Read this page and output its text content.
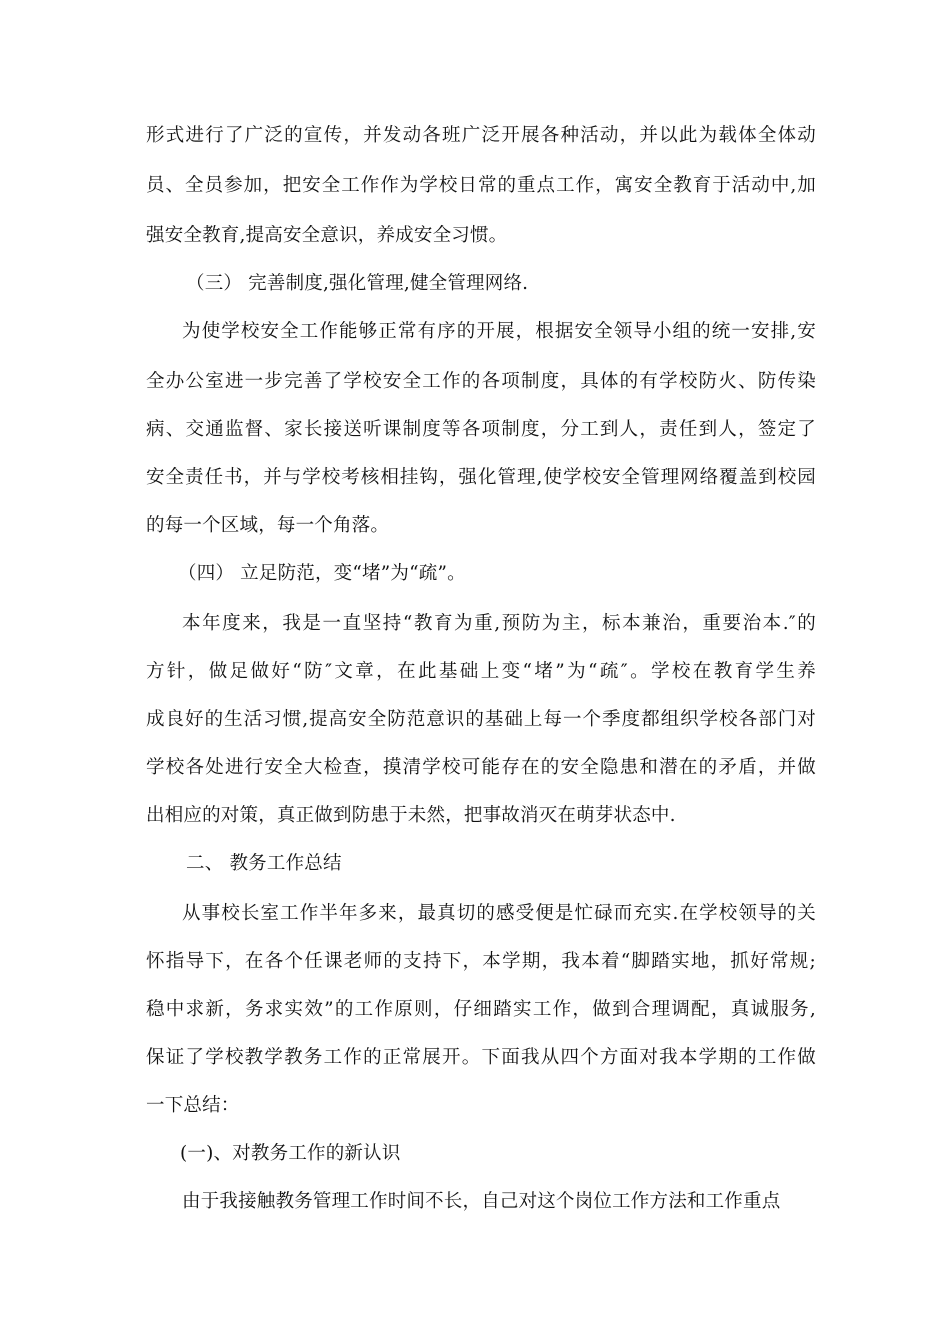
形式进行了广泛的宣传，并发动各班广泛开展各种活动，并以此为载体全体动
员、全员参加，把安全工作作为学校日常的重点工作，寓安全教育于活动中,加
强安全教育,提高安全意识，养成安全习惯。
（三） 完善制度,强化管理,健全管理网络.
为使学校安全工作能够正常有序的开展，根据安全领导小组的统一安排,安
全办公室进一步完善了学校安全工作的各项制度，具体的有学校防火、防传染
病、交通监督、家长接送听课制度等各项制度，分工到人，责任到人，签定了
安全责任书，并与学校考核相挂钩，强化管理,使学校安全管理网络覆盖到校园
的每一个区域，每一个角落。
（四） 立足防范，变“堵”为“疏”。
本年度来，我是一直坚持“教育为重,预防为主，标本兼治，重要治本.″的
方针，做足做好“防″文章，在此基础上变“堵”为“疏″。学校在教育学生养
成良好的生活习惯,提高安全防范意识的基础上每一个季度都组织学校各部门对
学校各处进行安全大检查，摸清学校可能存在的安全隐患和潜在的矛盾，并做
出相应的对策，真正做到防患于未然，把事故消灭在萌芽状态中.
二、 教务工作总结
从事校长室工作半年多来，最真切的感受便是忙碌而充实.在学校领导的关
怀指导下，在各个任课老师的支持下，本学期，我本着“脚踏实地，抓好常规;
稳中求新，务求实效”的工作原则，仔细踏实工作，做到合理调配，真诚服务,
保证了学校教学教务工作的正常展开。下面我从四个方面对我本学期的工作做
一下总结：
(一)、对教务工作的新认识
由于我接触教务管理工作时间不长，自己对这个岗位工作方法和工作重点
